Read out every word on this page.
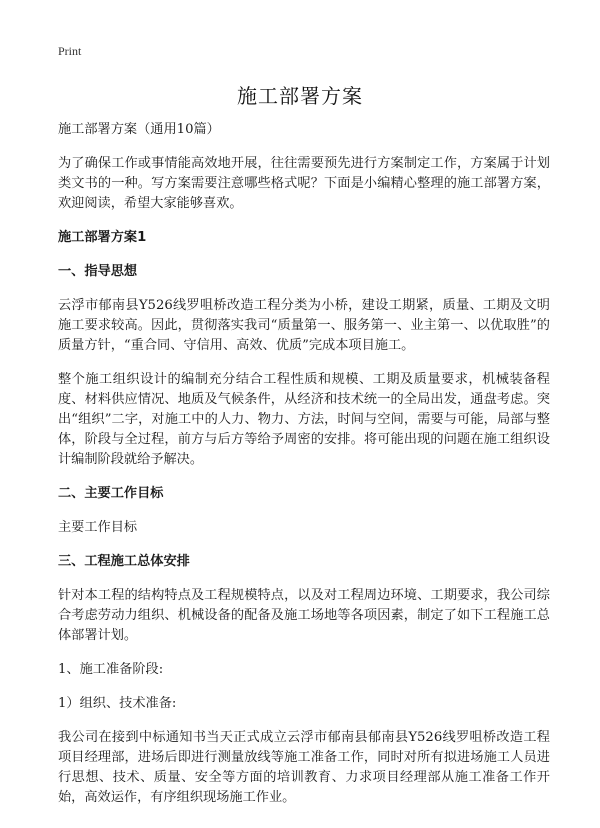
Print
施工部署方案
施工部署方案（通用10篇）

为了确保工作或事情能高效地开展，往往需要预先进行方案制定工作，方案属于计划类文书的一种。写方案需要注意哪些格式呢？下面是小编精心整理的施工部署方案，欢迎阅读，希望大家能够喜欢。

施工部署方案1
一、指导思想

云浮市郁南县Y526线罗咀桥改造工程分类为小桥，建设工期紧，质量、工期及文明施工要求较高。因此，贯彻落实我司“质量第一、服务第一、业主第一、以优取胜”的质量方针，“重合同、守信用、高效、优质”完成本项目施工。

整个施工组织设计的编制充分结合工程性质和规模、工期及质量要求，机械装备程度、材料供应情况、地质及气候条件，从经济和技术统一的全局出发，通盘考虑。突出“组织”二字，对施工中的人力、物力、方法，时间与空间，需要与可能，局部与整体，阶段与全过程，前方与后方等给予周密的安排。将可能出现的问题在施工组织设计编制阶段就给予解决。

二、主要工作目标

主要工作目标

三、工程施工总体安排

针对本工程的结构特点及工程规模特点，以及对工程周边环境、工期要求，我公司综合考虑劳动力组织、机械设备的配备及施工场地等各项因素，制定了如下工程施工总体部署计划。

1、施工准备阶段:

1）组织、技术准备:

我公司在接到中标通知书当天正式成立云浮市郁南县郁南县Y526线罗咀桥改造工程项目经理部，进场后即进行测量放线等施工准备工作，同时对所有拟进场施工人员进行思想、技术、质量、安全等方面的培训教育、力求项目经理部从施工准备工作开始，高效运作，有序组织现场施工作业。
